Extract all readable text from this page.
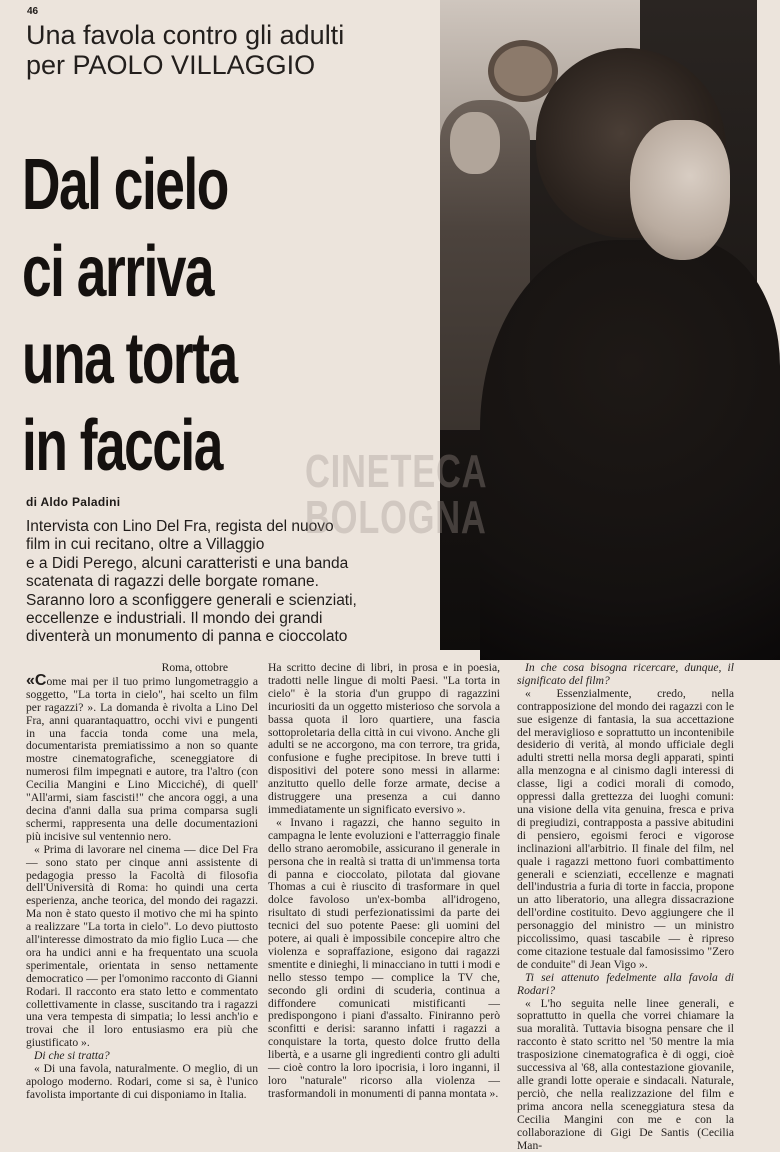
46
Una favola contro gli adulti
per PAOLO VILLAGGIO
Dal cielo
ci arriva
una torta
in faccia
di Aldo Paladini
Intervista con Lino Del Fra, regista del nuovo
film in cui recitano, oltre a Villaggio
e a Didi Perego, alcuni caratteristi e una banda
scatenata di ragazzi delle borgate romane.
Saranno loro a sconfiggere generali e scienziati,
eccellenze e industriali. Il mondo dei grandi
diventerà un monumento di panna e cioccolato
CINETECA
BOLOGNA

Roma, ottobre

«Come mai per il tuo primo lungometraggio a soggetto, "La torta in cielo", hai scelto un film per ragazzi? ». La domanda è rivolta a Lino Del Fra, anni quarantaquattro, occhi vivi e pungenti in una faccia tonda come una mela, documentarista premiatissimo a non so quante mostre cinematografiche, sceneggiatore di numerosi film impegnati e autore, tra l'altro (con Cecilia Mangini e Lino Micciché), di quell' "All'armi, siam fascisti!" che ancora oggi, a una decina d'anni dalla sua prima comparsa sugli schermi, rappresenta una delle documentazioni più incisive sul ventennio nero.

« Prima di lavorare nel cinema — dice Del Fra — sono stato per cinque anni assistente di pedagogia presso la Facoltà di filosofia dell'Università di Roma: ho quindi una certa esperienza, anche teorica, del mondo dei ragazzi. Ma non è stato questo il motivo che mi ha spinto a realizzare "La torta in cielo". Lo devo piuttosto all'interesse dimostrato da mio figlio Luca — che ora ha undici anni e ha frequentato una scuola sperimentale, orientata in senso nettamente democratico — per l'omonimo racconto di Gianni Rodari. Il racconto era stato letto e commentato collettivamente in classe, suscitando tra i ragazzi una vera tempesta di simpatia; lo lessi anch'io e trovai che il loro entusiasmo era più che giustificato ».

Di che si tratta?

« Di una favola, naturalmente. O meglio, di un apologo moderno. Rodari, come si sa, è l'unico favolista importante di cui disponiamo in Italia.

Ha scritto decine di libri, in prosa e in poesia, tradotti nelle lingue di molti Paesi. "La torta in cielo" è la storia d'un gruppo di ragazzini incuriositi da un oggetto misterioso che sorvola a bassa quota il loro quartiere, una fascia sottoproletaria della città in cui vivono. Anche gli adulti se ne accorgono, ma con terrore, tra grida, confusione e fughe precipitose. In breve tutti i dispositivi del potere sono messi in allarme: anzitutto quello delle forze armate, decise a distruggere una presenza a cui danno immediatamente un significato eversivo ».

« Invano i ragazzi, che hanno seguito in campagna le lente evoluzioni e l'atterraggio finale dello strano aeromobile, assicurano il generale in persona che in realtà si tratta di un'immensa torta di panna e cioccolato, pilotata dal giovane Thomas a cui è riuscito di trasformare in quel dolce favoloso un'ex-bomba all'idrogeno, risultato di studi perfezionatissimi da parte dei tecnici del suo potente Paese: gli uomini del potere, ai quali è impossibile concepire altro che violenza e sopraffazione, esigono dai ragazzi smentite e dinieghi, li minacciano in tutti i modi e nello stesso tempo — complice la TV che, secondo gli ordini di scuderia, continua a diffondere comunicati mistificanti — predispongono i piani d'assalto. Finiranno però sconfitti e derisi: saranno infatti i ragazzi a conquistare la torta, questo dolce frutto della libertà, e a usarne gli ingredienti contro gli adulti — cioè contro la loro ipocrisia, i loro inganni, il loro "naturale" ricorso alla violenza — trasformandoli in monumenti di panna montata ».

In che cosa bisogna ricercare, dunque, il significato del film?

« Essenzialmente, credo, nella contrapposizione del mondo dei ragazzi con le sue esigenze di fantasia, la sua accettazione del meraviglioso e soprattutto un incontenibile desiderio di verità, al mondo ufficiale degli adulti stretti nella morsa degli apparati, spinti alla menzogna e al cinismo dagli interessi di classe, ligi a codici morali di comodo, oppressi dalla grettezza dei luoghi comuni: una visione della vita genuina, fresca e priva di pregiudizi, contrapposta a passive abitudini di pensiero, egoismi feroci e vigorose inclinazioni all'arbitrio. Il finale del film, nel quale i ragazzi mettono fuori combattimento generali e scienziati, eccellenze e magnati dell'industria a furia di torte in faccia, propone un atto liberatorio, una allegra dissacrazione dell'ordine costituito. Devo aggiungere che il personaggio del ministro — un ministro piccolissimo, quasi tascabile — è ripreso come citazione testuale dal famosissimo "Zero de conduite" di Jean Vigo ».

Ti sei attenuto fedelmente alla favola di Rodari?

« L'ho seguita nelle linee generali, e soprattutto in quella che vorrei chiamare la sua moralità. Tuttavia bisogna pensare che il racconto è stato scritto nel '50 mentre la mia trasposizione cinematografica è di oggi, cioè successiva al '68, alla contestazione giovanile, alle grandi lotte operaie e sindacali. Naturale, perciò, che nella realizzazione del film e prima ancora nella sceneggiatura stesa da Cecilia Mangini con me e con la collaborazione di Gigi De Santis (Cecilia Man-
